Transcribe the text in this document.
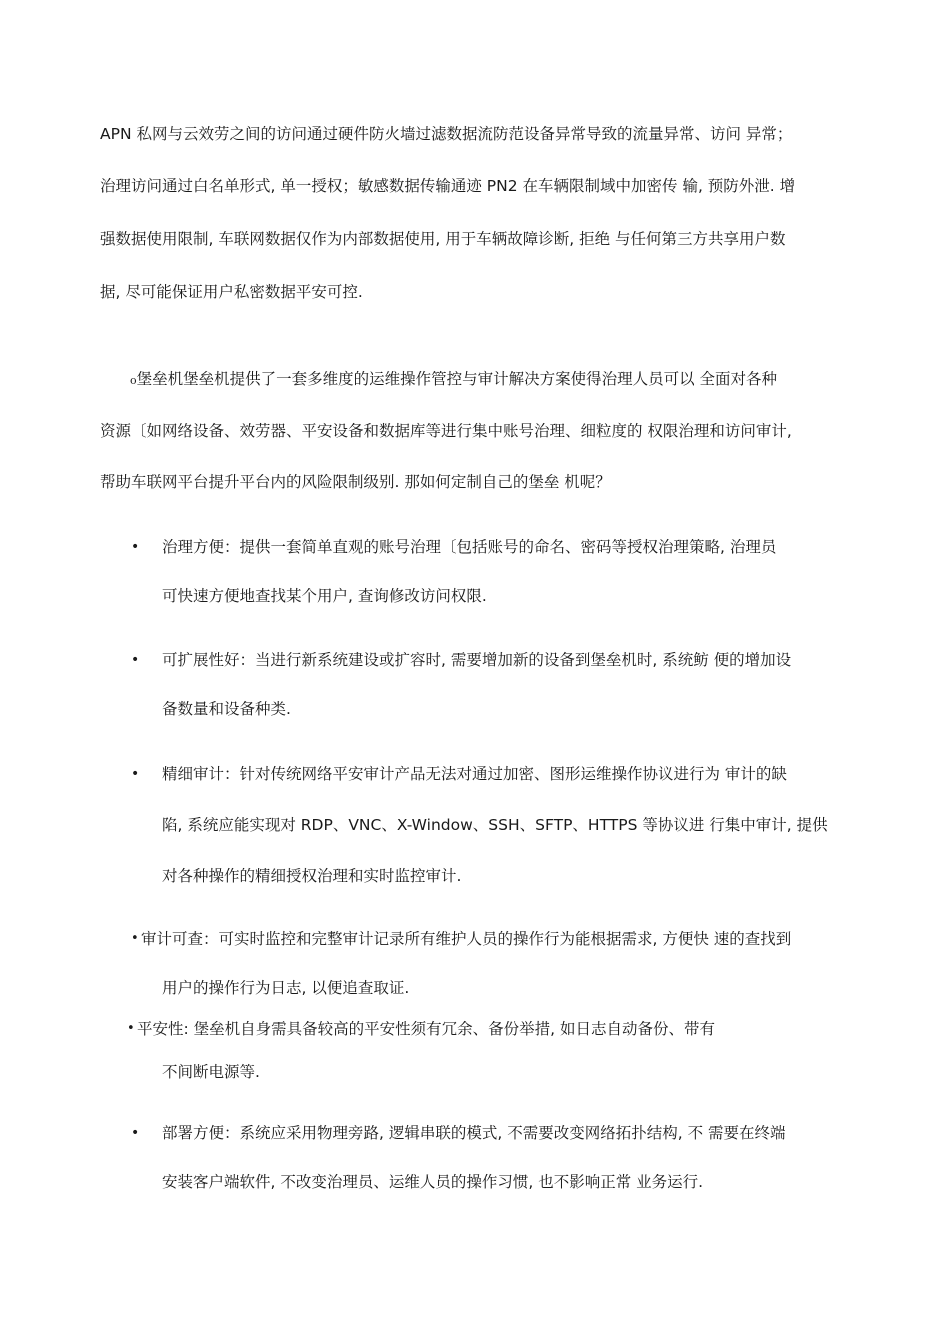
APN 私网与云效劳之间的访问通过硬件防火墙过滤数据流防范设备异常导致的流量异常、访问 异常；
治理访问通过白名单形式, 单一授权；敏感数据传输通迹 PN2 在车辆限制域中加密传 输, 预防外泄. 增
强数据使用限制, 车联网数据仅作为内部数据使用, 用于车辆故障诊断, 拒绝 与任何第三方共享用户数
据, 尽可能保证用户私密数据平安可控.
o堡垒机堡垒机提供了一套多维度的运维操作管控与审计解决方案使得治理人员可以 全面对各种
资源〔如网络设备、效劳器、平安设备和数据库等进行集中账号治理、细粒度的 权限治理和访问审计,
帮助车联网平台提升平台内的风险限制级别. 那如何定制自己的堡垒 机呢？
• 治理方便：提供一套简单直观的账号治理〔包括账号的命名、密码等授权治理策略, 治理员
可快速方便地查找某个用户, 查询修改访问权限.
• 可扩展性好：当进行新系统建设或扩容时, 需要增加新的设备到堡垒机时, 系统鲂 便的增加设
备数量和设备种类.
• 精细审计：针对传统网络平安审计产品无法对通过加密、图形运维操作协议进行为 审计的缺
陷, 系统应能实现对 RDP、VNC、X-Window、SSH、SFTP、HTTPS 等协议进 行集中审计, 提供
对各种操作的精细授权治理和实时监控审计.
• 审计可查：可实时监控和完整审计记录所有维护人员的操作行为能根据需求, 方便快 速的查找到
用户的操作行为日志, 以便追查取证.
• 平安性: 堡垒机自身需具备较高的平安性须有冗余、备份举措, 如日志自动备份、带有
不间断电源等.
• 部署方便：系统应采用物理旁路, 逻辑串联的模式, 不需要改变网络拓扑结构, 不 需要在终端
安装客户端软件, 不改变治理员、运维人员的操作习惯, 也不影响正常 业务运行.
